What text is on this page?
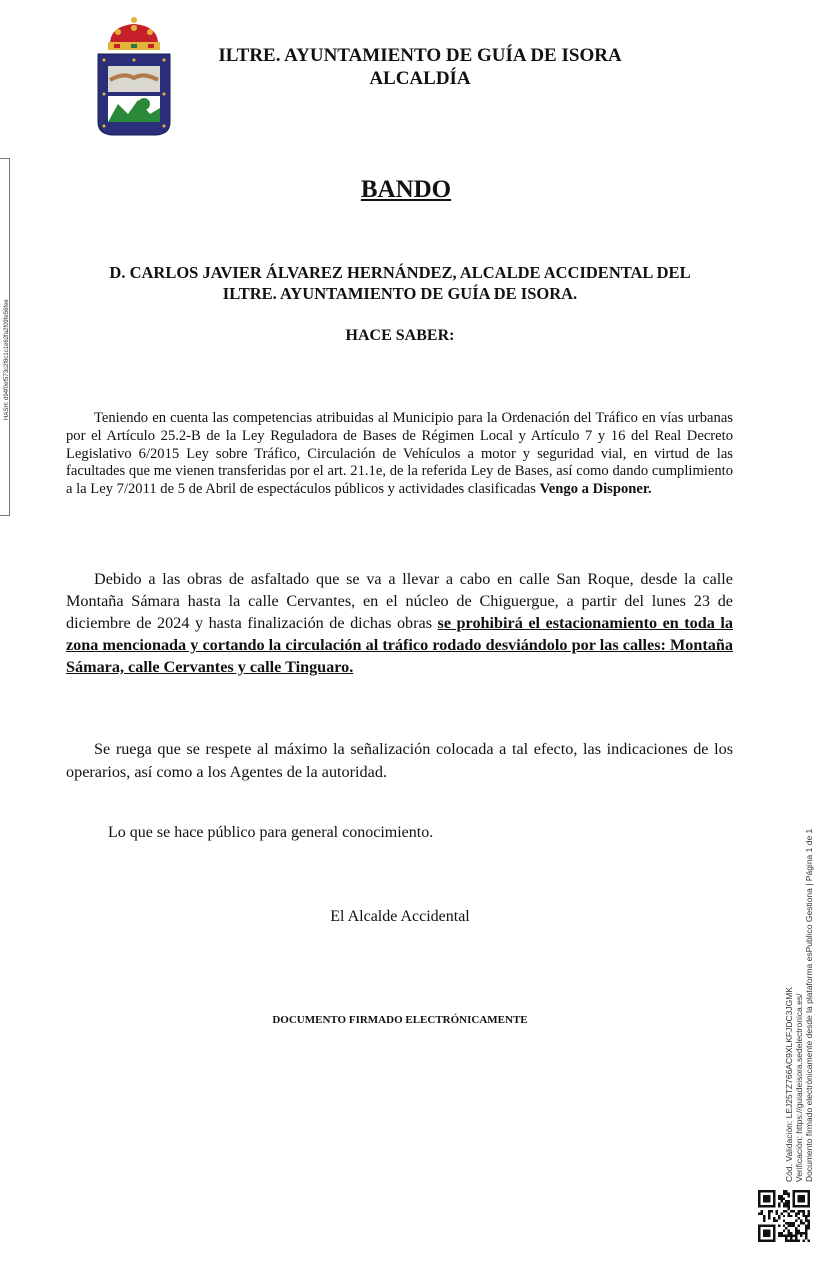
ILTRE. AYUNTAMIENTO DE GUÍA DE ISORA
ALCALDÍA
BANDO
D. CARLOS JAVIER ÁLVAREZ HERNÁNDEZ, ALCALDE ACCIDENTAL DEL
ILTRE. AYUNTAMIENTO DE GUÍA DE ISORA.
HACE SABER:
Teniendo en cuenta las competencias atribuidas al Municipio para la Ordenación del Tráfico en vías urbanas por el Artículo 25.2-B de la Ley Reguladora de Bases de Régimen Local y Artículo 7 y 16 del Real Decreto Legislativo 6/2015 Ley sobre Tráfico, Circulación de Vehículos a motor y seguridad vial, en virtud de las facultades que me vienen transferidas por el art. 21.1e, de la referida Ley de Bases, así como dando cumplimiento a la Ley 7/2011 de 5 de Abril de espectáculos públicos y actividades clasificadas Vengo a Disponer.
Debido a las obras de asfaltado que se va a llevar a cabo en calle San Roque, desde la calle Montaña Sámara hasta la calle Cervantes, en el núcleo de Chiguergue, a partir del lunes 23 de diciembre de 2024 y hasta finalización de dichas obras se prohibirá el estacionamiento en toda la zona mencionada y cortando la circulación al tráfico rodado desviándolo por las calles: Montaña Sámara, calle Cervantes y calle Tinguaro.
Se ruega que se respete al máximo la señalización colocada a tal efecto, las indicaciones de los operarios, así como a los Agentes de la autoridad.
Lo que se hace público para general conocimiento.
El Alcalde Accidental
DOCUMENTO FIRMADO ELECTRÓNICAMENTE
HASH: d94f0ef573c2f8c1c1e62fa2f09fe56fee
Cód. Validación: LEJ25TZ766AC9XLKFJDC3JGMK Verificación: https://guiadeisora.sedelectronica.es/ Documento firmado electrónicamente desde la plataforma esPublico Gestiona | Página 1 de 1
